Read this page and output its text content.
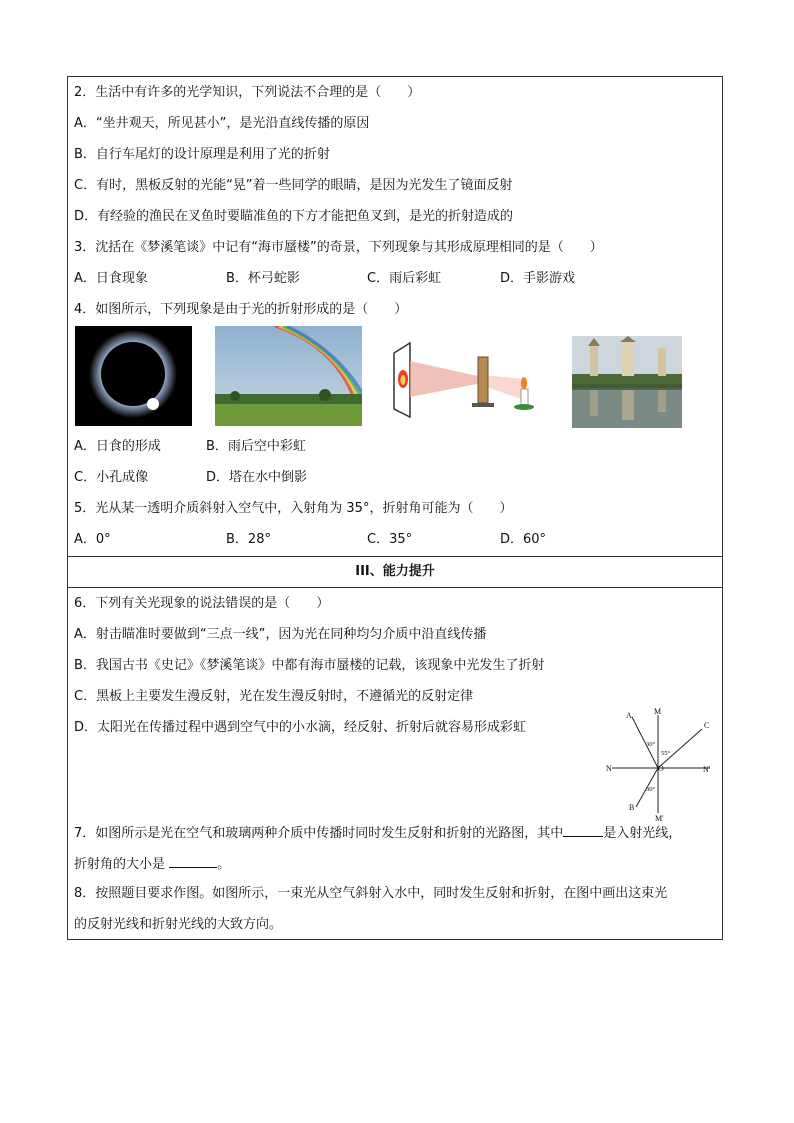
2．生活中有许多的光学知识，下列说法不合理的是（　　）
A．“坐井观天，所见甚小”，是光沿直线传播的原因
B．自行车尾灯的设计原理是利用了光的折射
C．有时，黑板反射的光能“晃”着一些同学的眼睛，是因为光发生了镜面反射
D．有经验的渔民在叉鱼时要瞄准鱼的下方才能把鱼叉到，是光的折射造成的
3．沈括在《梦溪笔谈》中记有“海市蜃楼”的奇景，下列现象与其形成原理相同的是（　　）
A．日食现象	B．杯弓蛇影	C．雨后彩虹	D．手影游戏
4．如图所示，下列现象是由于光的折射形成的是（　　）
A．日食的形成	B．雨后空中彩虹
C．小孔成像	D．塔在水中倒影
5．光从某一透明介质斜射入空气中，入射角为 35°，折射角可能为（　　）
A．0°	B．28°	C．35°	D．60°
III、能力提升
6．下列有关光现象的说法错误的是（　　）
A．射击瞄准时要做到“三点一线”，因为光在同种均匀介质中沿直线传播
B．我国古书《史记》《梦溪笔谈》中都有海市蜃楼的记载，该现象中光发生了折射
C．黑板上主要发生漫反射，光在发生漫反射时，不遵循光的反射定律
D．太阳光在传播过程中遇到空气中的小水滴，经反射、折射后就容易形成彩虹
M
M′
N	N′
O
A
B
C
30°
55°
30°
7．如图所示是光在空气和玻璃两种介质中传播时同时发生反射和折射的光路图，其中	是入射光线，
折射角的大小是	。
8．按照题目要求作图。如图所示，一束光从空气斜射入水中，同时发生反射和折射，在图中画出这束光
的反射光线和折射光线的大致方向。
